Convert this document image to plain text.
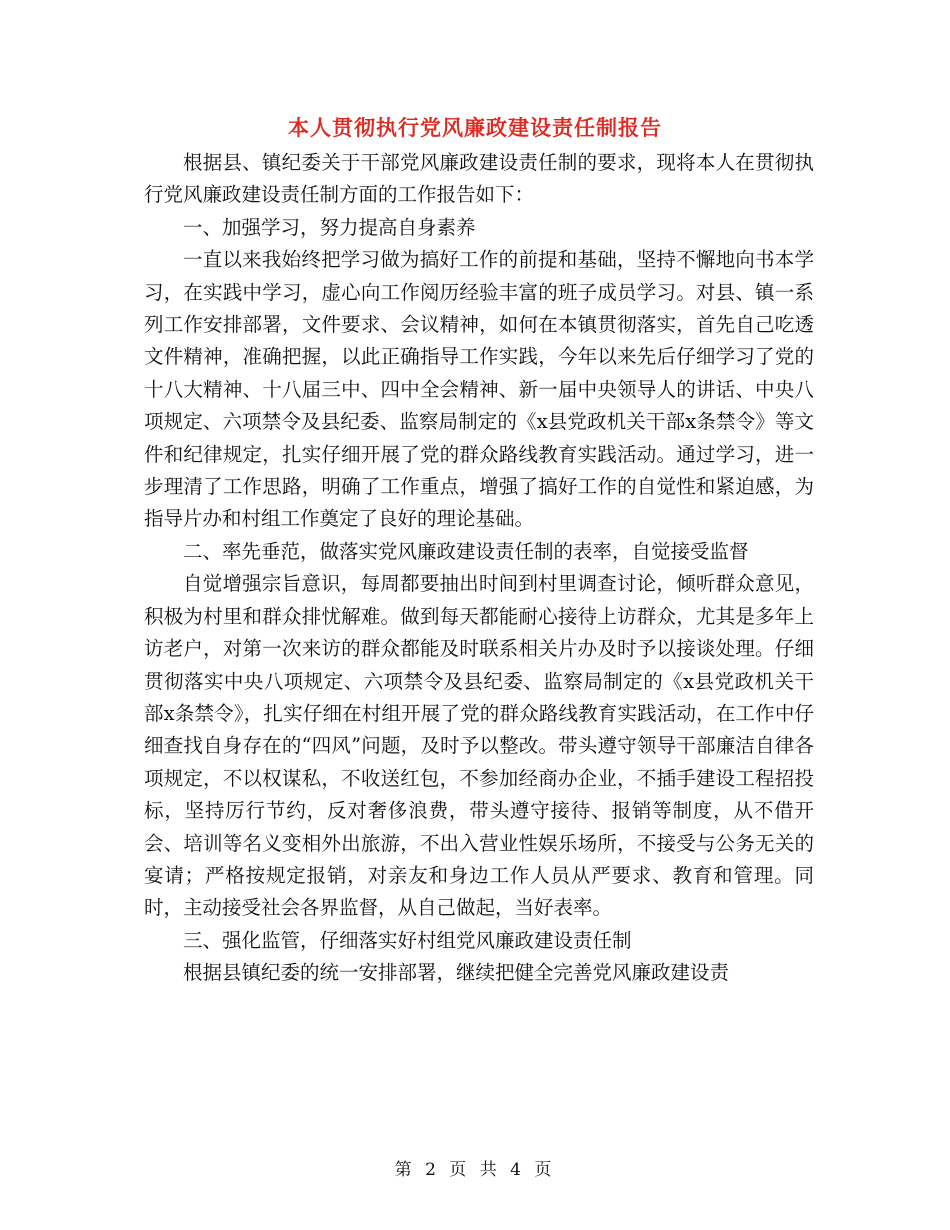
本人贯彻执行党风廉政建设责任制报告

根据县、镇纪委关于干部党风廉政建设责任制的要求，现将本人在贯彻执行党风廉政建设责任制方面的工作报告如下：

一、加强学习，努力提高自身素养

一直以来我始终把学习做为搞好工作的前提和基础，坚持不懈地向书本学习，在实践中学习，虚心向工作阅历经验丰富的班子成员学习。对县、镇一系列工作安排部署，文件要求、会议精神，如何在本镇贯彻落实，首先自己吃透文件精神，准确把握，以此正确指导工作实践，今年以来先后仔细学习了党的十八大精神、十八届三中、四中全会精神、新一届中央领导人的讲话、中央八项规定、六项禁令及县纪委、监察局制定的《x县党政机关干部x条禁令》等文件和纪律规定，扎实仔细开展了党的群众路线教育实践活动。通过学习，进一步理清了工作思路，明确了工作重点，增强了搞好工作的自觉性和紧迫感，为指导片办和村组工作奠定了良好的理论基础。

二、率先垂范，做落实党风廉政建设责任制的表率，自觉接受监督

自觉增强宗旨意识，每周都要抽出时间到村里调查讨论，倾听群众意见，积极为村里和群众排忧解难。做到每天都能耐心接待上访群众，尤其是多年上访老户，对第一次来访的群众都能及时联系相关片办及时予以接谈处理。仔细贯彻落实中央八项规定、六项禁令及县纪委、监察局制定的《x县党政机关干部x条禁令》，扎实仔细在村组开展了党的群众路线教育实践活动，在工作中仔细查找自身存在的“四风”问题，及时予以整改。带头遵守领导干部廉洁自律各项规定，不以权谋私，不收送红包，不参加经商办企业，不插手建设工程招投标，坚持厉行节约，反对奢侈浪费，带头遵守接待、报销等制度，从不借开会、培训等名义变相外出旅游，不出入营业性娱乐场所，不接受与公务无关的宴请；严格按规定报销，对亲友和身边工作人员从严要求、教育和管理。同时，主动接受社会各界监督，从自己做起，当好表率。

三、强化监管，仔细落实好村组党风廉政建设责任制

根据县镇纪委的统一安排部署，继续把健全完善党风廉政建设责

第 2 页 共 4 页
